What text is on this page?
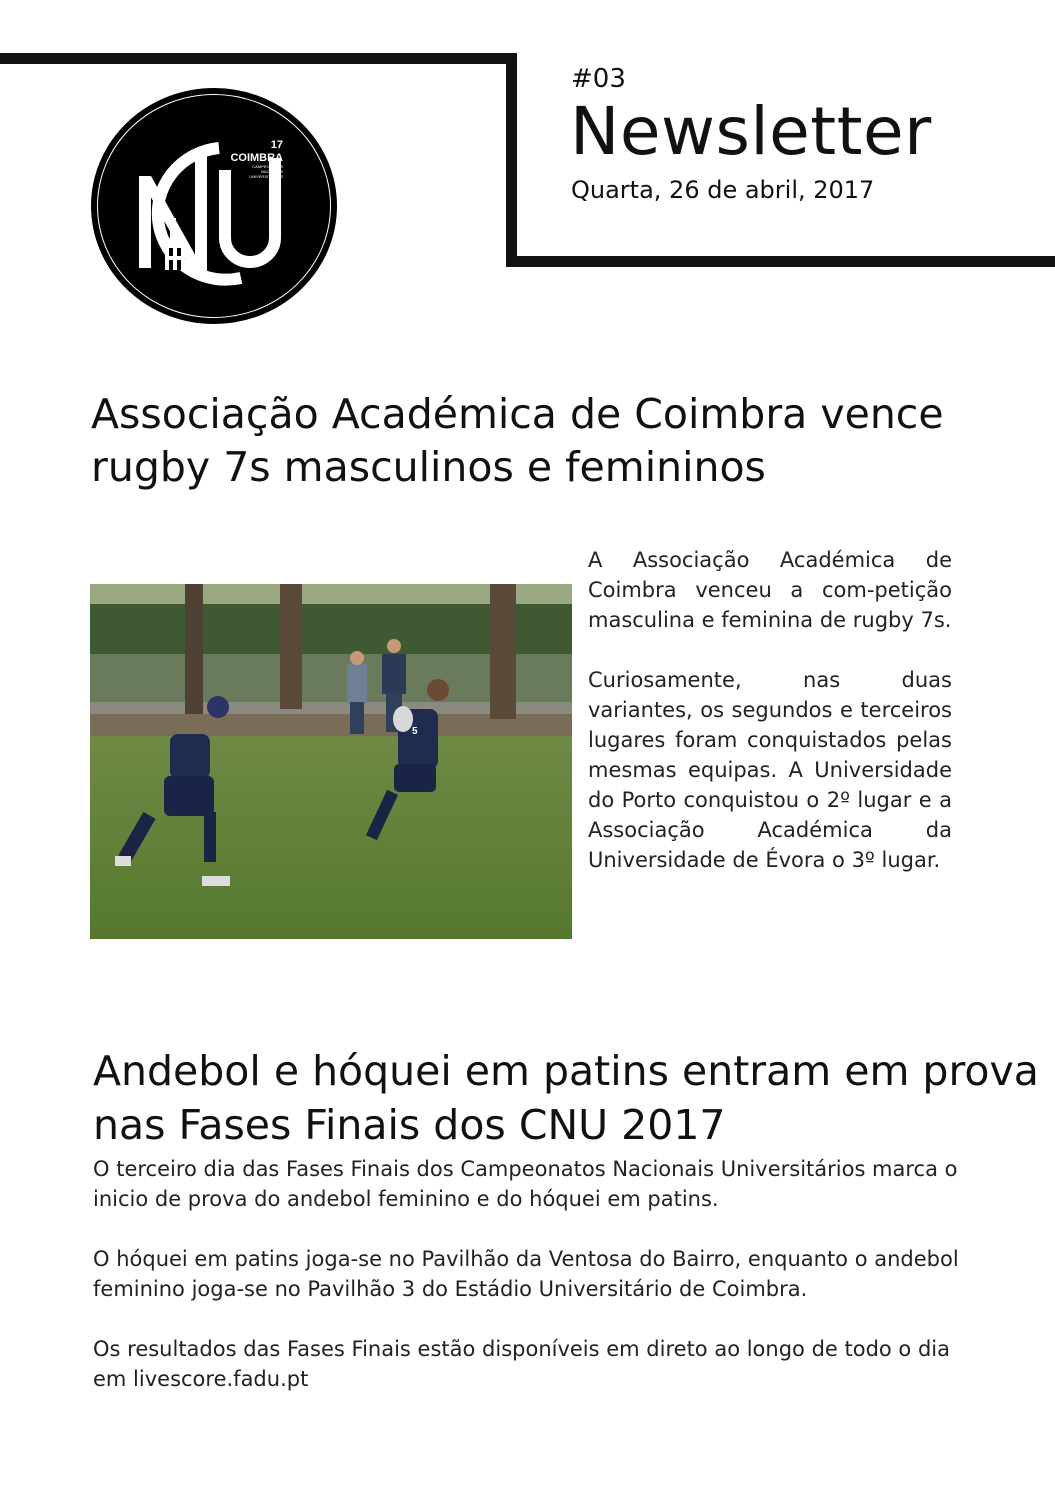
17
COIMBRA
CAMPEONATOS
NACIONAIS
UNIVERSITÁRIOS
#03
Newsletter
Quarta, 26 de abril, 2017
Associação Académica de Coimbra vence rugby 7s masculinos e femininos
5

A Associação Académica de Coimbra venceu a com-petição masculina e feminina de rugby 7s.

Curiosamente, nas duas variantes, os segundos e terceiros lugares foram conquistados pelas mesmas equipas. A Universidade do Porto conquistou o 2º lugar e a Associação Académica da Universidade de Évora o 3º lugar.

Andebol e hóquei em patins entram em prova nas Fases Finais dos CNU 2017

O terceiro dia das Fases Finais dos Campeonatos Nacionais Universitários marca o inicio de prova do andebol feminino e do hóquei em patins.

O hóquei em patins joga-se no Pavilhão da Ventosa do Bairro, enquanto o andebol feminino joga-se no Pavilhão 3 do Estádio Universitário de Coimbra.

Os resultados das Fases Finais estão disponíveis em direto ao longo de todo o dia em livescore.fadu.pt
